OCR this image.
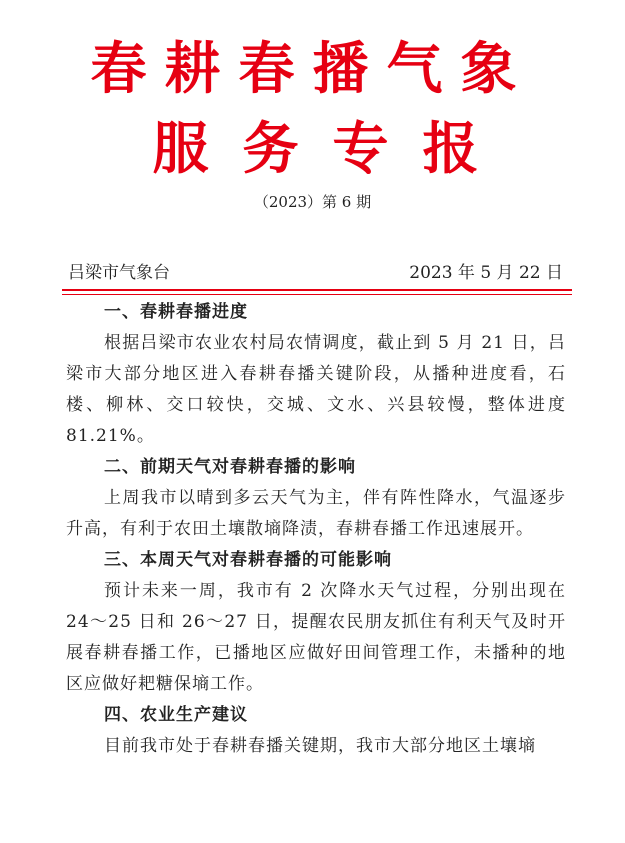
春耕春播气象
服务专报
（2023）第 6 期
吕梁市气象台	2023 年 5 月 22 日
一、春耕春播进度

根据吕梁市农业农村局农情调度，截止到 5 月 21 日，吕梁市大部分地区进入春耕春播关键阶段，从播种进度看，石楼、柳林、交口较快，交城、文水、兴县较慢，整体进度81.21%。

二、前期天气对春耕春播的影响

上周我市以晴到多云天气为主，伴有阵性降水，气温逐步升高，有利于农田土壤散墒降渍，春耕春播工作迅速展开。

三、本周天气对春耕春播的可能影响

预计未来一周，我市有 2 次降水天气过程，分别出现在24～25 日和 26～27 日，提醒农民朋友抓住有利天气及时开展春耕春播工作，已播地区应做好田间管理工作，未播种的地区应做好耙糖保墒工作。

四、农业生产建议

目前我市处于春耕春播关键期，我市大部分地区土壤墒
